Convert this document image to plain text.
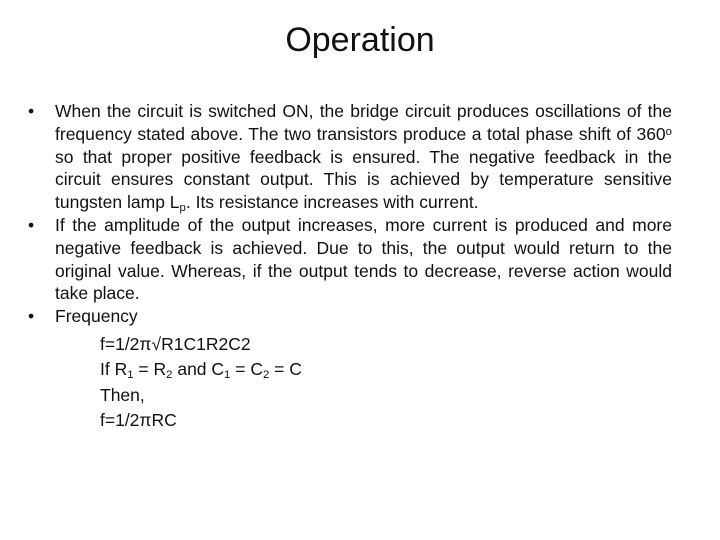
Operation
•	When the circuit is switched ON, the bridge circuit produces oscillations of the frequency stated above. The two transistors produce a total phase shift of 360$^o$ so that proper positive feedback is ensured. The negative feedback in the circuit ensures constant output. This is achieved by temperature sensitive tungsten lamp $L_p$. Its resistance increases with current.
•	If the amplitude of the output increases, more current is produced and more negative feedback is achieved. Due to this, the output would return to the original value. Whereas, if the output tends to decrease, reverse action would take place.
•	Frequency
f=1/2π√R1C1R2C2
If $R_1 = R_2$ and $C_1 = C_2 = C$
Then,
f=1/2πRC
